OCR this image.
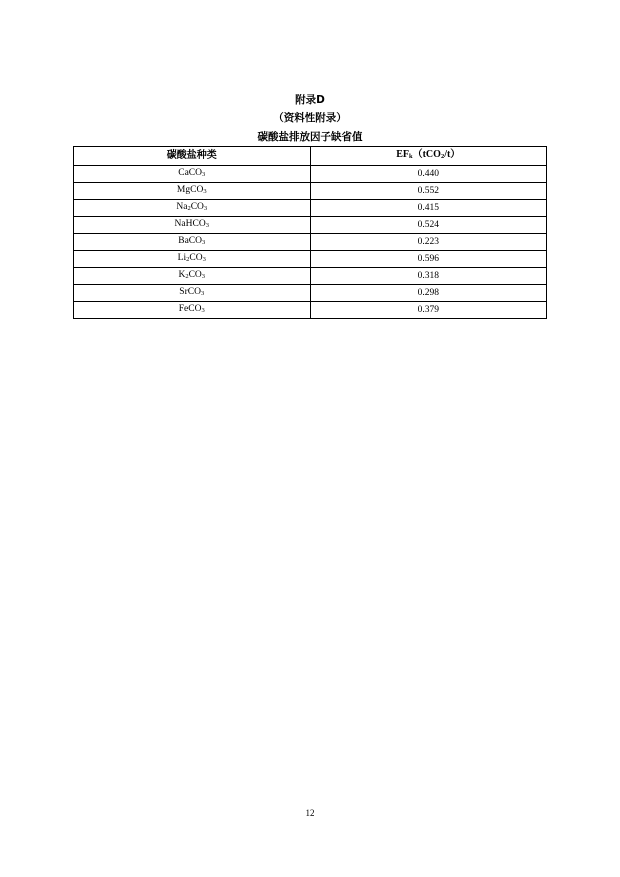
附录D
（资料性附录）
碳酸盐排放因子缺省值
碳酸盐种类	$EF_k(tCO_2/t)$
CaCO$_3$	0.440
MgCO$_3$	0.552
$Na_2CO_3$	0.415
NaHCO$_3$	0.524
BaCO$_3$	0.223
$Li_2CO_3$	0.596
$K_2CO_3$	0.318
SrCO$_3$	0.298
FeCO$_3$	0.379
12
